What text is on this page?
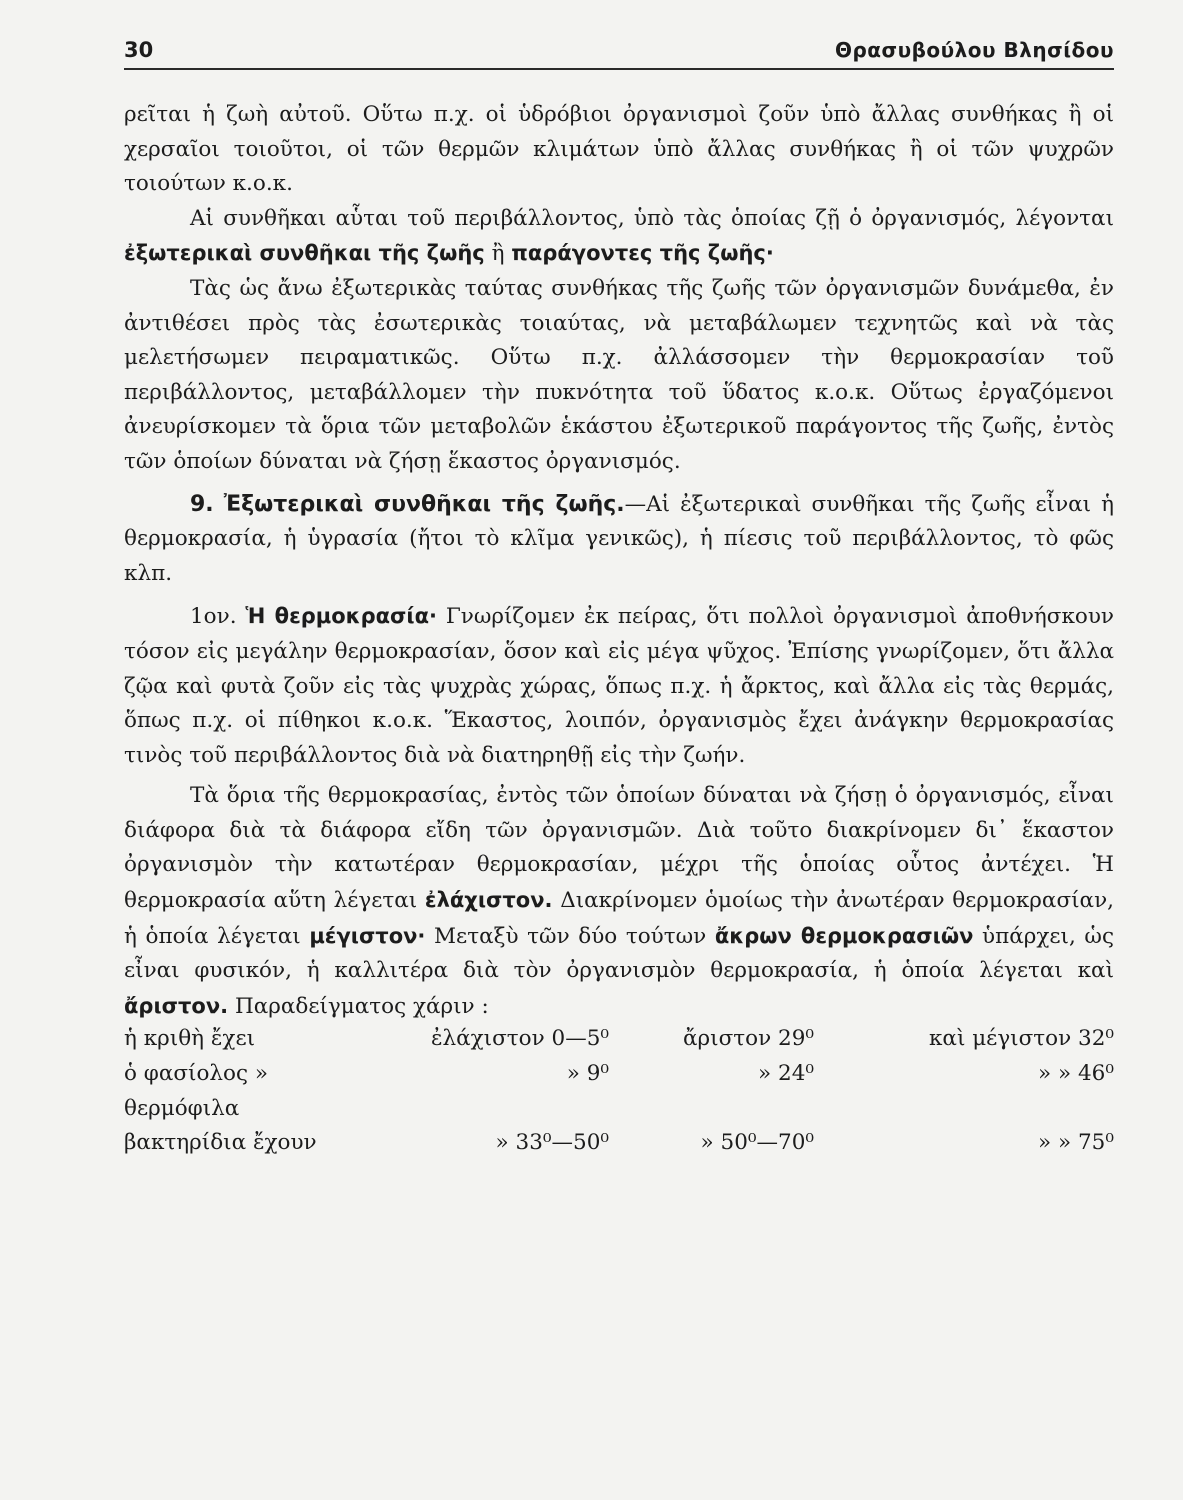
30	Θρασυβούλου Βλησίδου

ρεῖται ἡ ζωὴ αὐτοῦ. Οὕτω π.χ. οἱ ὑδρόβιοι ὀργανισμοὶ ζοῦν ὑπὸ ἄλλας συνθήκας ἢ οἱ χερσαῖοι τοιοῦτοι, οἱ τῶν θερμῶν κλιμάτων ὑπὸ ἄλλας συνθήκας ἢ οἱ τῶν ψυχρῶν τοιούτων κ.ο.κ.

Αἱ συνθῆκαι αὗται τοῦ περιβάλλοντος, ὑπὸ τὰς ὁποίας ζῇ ὁ ὀργανισμός, λέγονται ἐξωτερικαὶ συνθῆκαι τῆς ζωῆς ἢ παράγοντες τῆς ζωῆς·

Τὰς ὡς ἄνω ἐξωτερικὰς ταύτας συνθήκας τῆς ζωῆς τῶν ὀργανισμῶν δυνάμεθα, ἐν ἀντιθέσει πρὸς τὰς ἐσωτερικὰς τοιαύτας, νὰ μεταβάλωμεν τεχνητῶς καὶ νὰ τὰς μελετήσωμεν πειραματικῶς. Οὕτω π.χ. ἀλλάσσομεν τὴν θερμοκρασίαν τοῦ περιβάλλοντος, μεταβάλλομεν τὴν πυκνότητα τοῦ ὕδατος κ.ο.κ. Οὕτως ἐργαζόμενοι ἀνευρίσκομεν τὰ ὅρια τῶν μεταβολῶν ἑκάστου ἐξωτερικοῦ παράγοντος τῆς ζωῆς, ἐντὸς τῶν ὁποίων δύναται νὰ ζήσῃ ἕκαστος ὀργανισμός.

9. Ἐξωτερικαὶ συνθῆκαι τῆς ζωῆς.—Αἱ ἐξωτερικαὶ συνθῆκαι τῆς ζωῆς εἶναι ἡ θερμοκρασία, ἡ ὑγρασία (ἤτοι τὸ κλῖμα γενικῶς), ἡ πίεσις τοῦ περιβάλλοντος, τὸ φῶς κλπ.

1ον. Ἡ θερμοκρασία· Γνωρίζομεν ἐκ πείρας, ὅτι πολλοὶ ὀργανισμοὶ ἀποθνήσκουν τόσον εἰς μεγάλην θερμοκρασίαν, ὅσον καὶ εἰς μέγα ψῦχος. Ἐπίσης γνωρίζομεν, ὅτι ἄλλα ζῷα καὶ φυτὰ ζοῦν εἰς τὰς ψυχρὰς χώρας, ὅπως π.χ. ἡ ἄρκτος, καὶ ἄλλα εἰς τὰς θερμάς, ὅπως π.χ. οἱ πίθηκοι κ.ο.κ. Ἕκαστος, λοιπόν, ὀργανισμὸς ἔχει ἀνάγκην θερμοκρασίας τινὸς τοῦ περιβάλλοντος διὰ νὰ διατηρηθῇ εἰς τὴν ζωήν.

Τὰ ὅρια τῆς θερμοκρασίας, ἐντὸς τῶν ὁποίων δύναται νὰ ζήσῃ ὁ ὀργανισμός, εἶναι διάφορα διὰ τὰ διάφορα εἴδη τῶν ὀργανισμῶν. Διὰ τοῦτο διακρίνομεν δι᾽ ἕκαστον ὀργανισμὸν τὴν κατωτέραν θερμοκρασίαν, μέχρι τῆς ὁποίας οὗτος ἀντέχει. Ἡ θερμοκρασία αὕτη λέγεται ἐλάχιστον. Διακρίνομεν ὁμοίως τὴν ἀνωτέραν θερμοκρασίαν, ἡ ὁποία λέγεται μέγιστον· Μεταξὺ τῶν δύο τούτων ἄκρων θερμοκρασιῶν ὑπάρχει, ὡς εἶναι φυσικόν, ἡ καλλιτέρα διὰ τὸν ὀργανισμὸν θερμοκρασία, ἡ ὁποία λέγεται καὶ ἄριστον. Παραδείγματος χάριν :

ἡ κριθὴ ἔχει	ἐλάχιστον 0—5⁰	ἄριστον 29⁰	καὶ μέγιστον 32⁰
ὁ φασίολος »	» 9⁰	» 24⁰	» » 46⁰
θερμόφιλα			
βακτηρίδια ἔχουν	» 33⁰—50⁰	» 50⁰—70⁰	» » 75⁰
